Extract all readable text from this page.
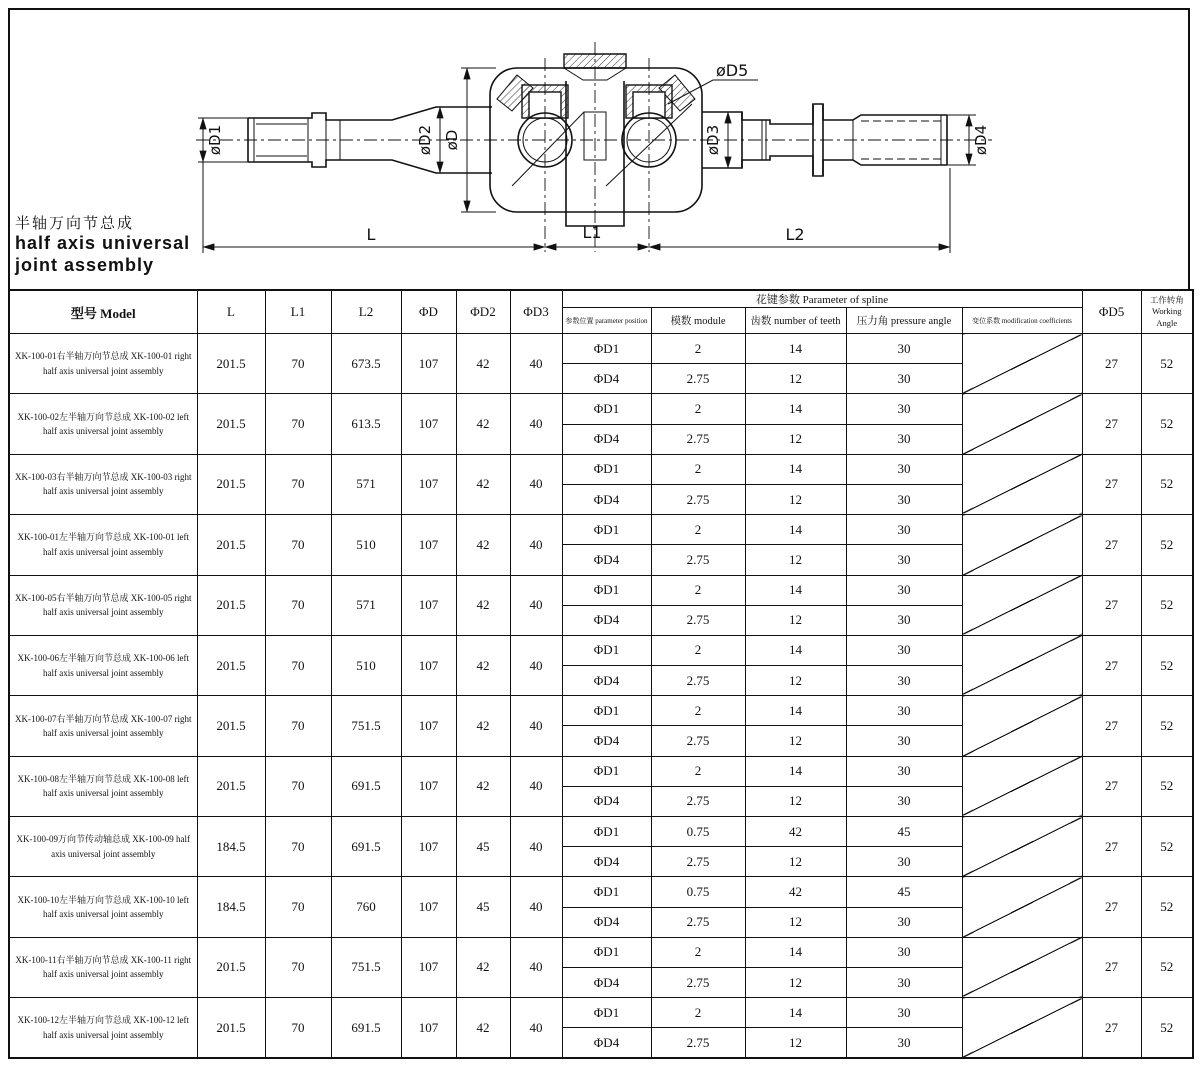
øD1	øD2 øD	øD3	øD4
øD5
L	L1	L2
半轴万向节总成
half axis universal
joint assembly
型号 Model	L	L1	L2	ΦD	ΦD2	ΦD3	花键参数 Parameter of spline					ΦD5	工作转角
Working Angle
							参数位置 parameter position	模数 module	齿数 number of teeth	压力角 pressure angle	变位系数 modification coefficients		
XK-100-01右半轴万向节总成 XK-100-01 right half axis universal joint assembly	201.5	70	673.5	107	42	40	ΦD1	2	14	30		27	52
							ΦD4	2.75	12	30			
XK-100-02左半轴万向节总成 XK-100-02 left half axis universal joint assembly	201.5	70	613.5	107	42	40	ΦD1	2	14	30		27	52
							ΦD4	2.75	12	30			
XK-100-03右半轴万向节总成 XK-100-03 right half axis universal joint assembly	201.5	70	571	107	42	40	ΦD1	2	14	30		27	52
							ΦD4	2.75	12	30			
XK-100-01左半轴万向节总成 XK-100-01 left half axis universal joint assembly	201.5	70	510	107	42	40	ΦD1	2	14	30		27	52
							ΦD4	2.75	12	30			
XK-100-05右半轴万向节总成 XK-100-05 right half axis universal joint assembly	201.5	70	571	107	42	40	ΦD1	2	14	30		27	52
							ΦD4	2.75	12	30			
XK-100-06左半轴万向节总成 XK-100-06 left half axis universal joint assembly	201.5	70	510	107	42	40	ΦD1	2	14	30		27	52
							ΦD4	2.75	12	30			
XK-100-07右半轴万向节总成 XK-100-07 right half axis universal joint assembly	201.5	70	751.5	107	42	40	ΦD1	2	14	30		27	52
							ΦD4	2.75	12	30			
XK-100-08左半轴万向节总成 XK-100-08 left half axis universal joint assembly	201.5	70	691.5	107	42	40	ΦD1	2	14	30		27	52
							ΦD4	2.75	12	30			
XK-100-09万向节传动轴总成 XK-100-09 half axis universal joint assembly	184.5	70	691.5	107	45	40	ΦD1	0.75	42	45		27	52
							ΦD4	2.75	12	30			
XK-100-10左半轴万向节总成 XK-100-10 left half axis universal joint assembly	184.5	70	760	107	45	40	ΦD1	0.75	42	45		27	52
							ΦD4	2.75	12	30			
XK-100-11右半轴万向节总成 XK-100-11 right half axis universal joint assembly	201.5	70	751.5	107	42	40	ΦD1	2	14	30		27	52
							ΦD4	2.75	12	30			
XK-100-12左半轴万向节总成 XK-100-12 left half axis universal joint assembly	201.5	70	691.5	107	42	40	ΦD1	2	14	30		27	52
							ΦD4	2.75	12	30			
